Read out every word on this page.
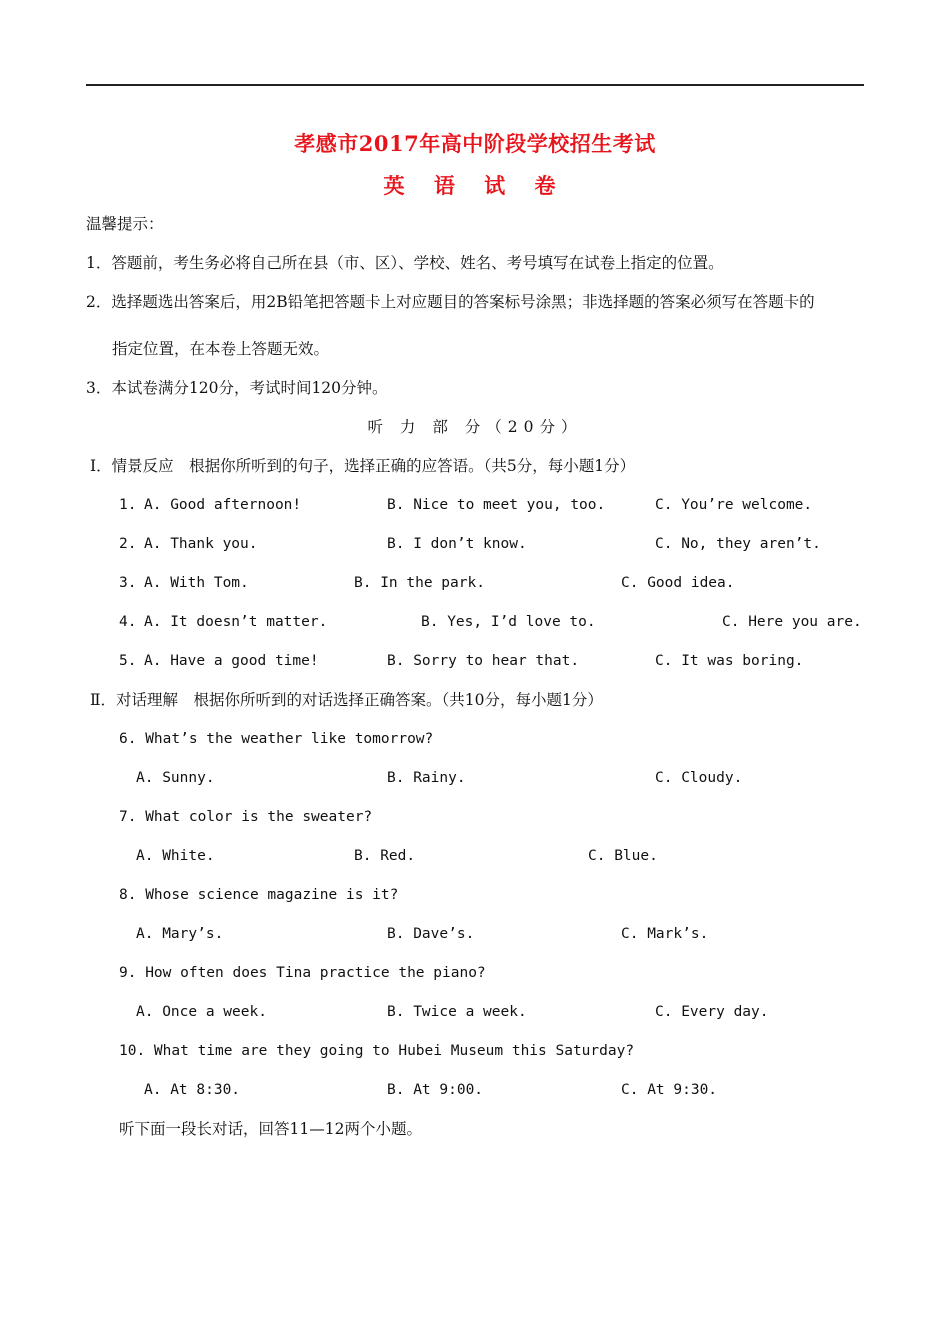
孝感市2017年高中阶段学校招生考试
英 语 试 卷
温馨提示：
1．答题前，考生务必将自己所在县（市、区）、学校、姓名、考号填写在试卷上指定的位置。
2．选择题选出答案后，用2B铅笔把答题卡上对应题目的答案标号涂黑；非选择题的答案必须写在答题卡的
指定位置，在本卷上答题无效。
3．本试卷满分120分，考试时间120分钟。
听 力 部 分（20分）
Ⅰ．情景反应　根据你所听到的句子，选择正确的应答语。（共5分，每小题1分）
1. A. Good afternoon!	B. Nice to meet you, too.	C. You’re welcome.
2. A. Thank you.	B. I don’t know.	C. No, they aren’t.
3. A. With Tom.	B. In the park.	C. Good idea.
4. A. It doesn’t matter.	B. Yes, I’d love to.	C. Here you are.
5. A. Have a good time!	B. Sorry to hear that.	C. It was boring.
Ⅱ．对话理解　根据你所听到的对话选择正确答案。（共10分，每小题1分）
6. What’s the weather like tomorrow?
A. Sunny.	B. Rainy.	C. Cloudy.
7. What color is the sweater?
A. White.	B. Red.	C. Blue.
8. Whose science magazine is it?
A. Mary’s.	B. Dave’s.	C. Mark’s.
9. How often does Tina practice the piano?
A. Once a week.	B. Twice a week.	C. Every day.
10. What time are they going to Hubei Museum this Saturday?
A. At 8:30.	B. At 9:00.	C. At 9:30.
听下面一段长对话，回答11—12两个小题。
